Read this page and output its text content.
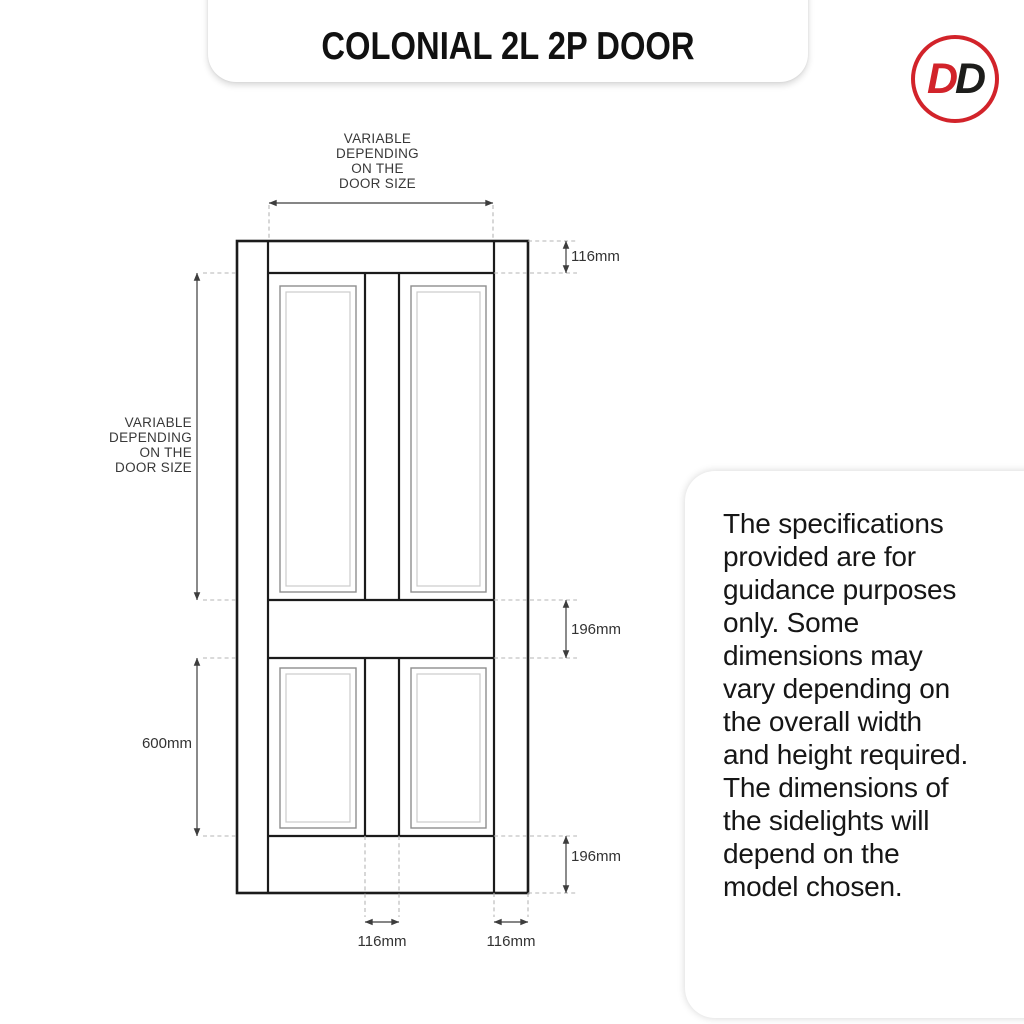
COLONIAL 2L 2P DOOR
D D
VARIABLE
DEPENDING
ON THE
DOOR SIZE
VARIABLE
DEPENDING
ON THE
DOOR SIZE
116mm
196mm
196mm
600mm
116mm	116mm
The specifications
provided are for
guidance purposes
only. Some
dimensions may
vary depending on
the overall width
and height required.
The dimensions of
the sidelights will
depend on the
model chosen.
